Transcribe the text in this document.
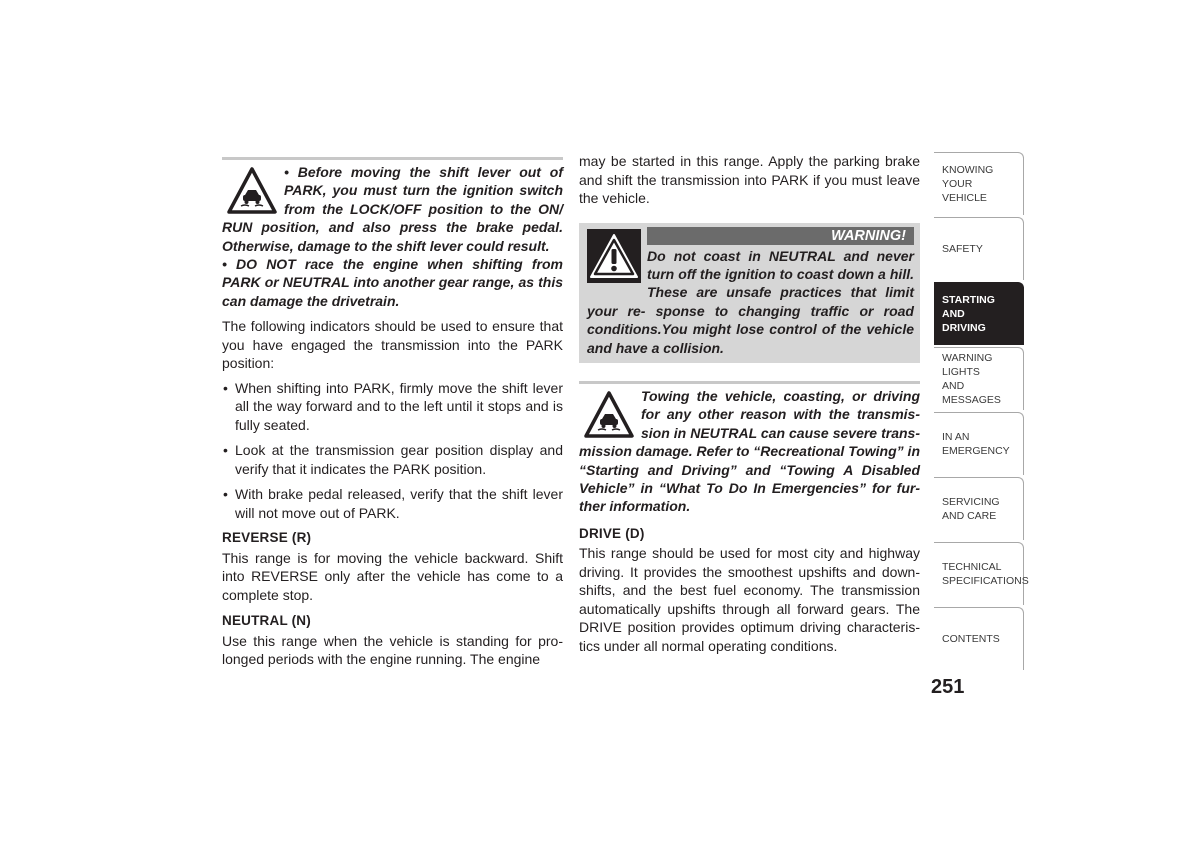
• Before moving the shift lever out of PARK, you must turn the ignition switch from the LOCK/OFF position to the ON/ RUN position, and also press the brake pedal. Otherwise, damage to the shift lever could result.

• DO NOT race the engine when shifting from PARK or NEUTRAL into another gear range, as this can damage the drivetrain.

The following indicators should be used to ensure that you have engaged the transmission into the PARK position:

• When shifting into PARK, firmly move the shift lever all the way forward and to the left until it stops and is fully seated.
• Look at the transmission gear position display and verify that it indicates the PARK position.
• With brake pedal released, verify that the shift lever will not move out of PARK.
REVERSE (R)

This range is for moving the vehicle backward. Shift into REVERSE only after the vehicle has come to a complete stop.

NEUTRAL (N)

Use this range when the vehicle is standing for pro- longed periods with the engine running. The engine

may be started in this range. Apply the parking brake and shift the transmission into PARK if you must leave the vehicle.

WARNING!

Do not coast in NEUTRAL and never turn off the ignition to coast down a hill. These are unsafe practices that limit your re- sponse to changing traffic or road conditions.You might lose control of the vehicle and have a collision.

Towing the vehicle, coasting, or driving for any other reason with the transmis- sion in NEUTRAL can cause severe trans- mission damage. Refer to “Recreational Towing” in “Starting and Driving” and “Towing A Disabled Vehicle” in “What To Do In Emergencies” for fur- ther information.

DRIVE (D)

This range should be used for most city and highway driving. It provides the smoothest upshifts and down- shifts, and the best fuel economy. The transmission automatically upshifts through all forward gears. The DRIVE position provides optimum driving characteris- tics under all normal operating conditions.

KNOWING
YOUR
VEHICLE
SAFETY
STARTING
AND
DRIVING
WARNING
LIGHTS
AND
MESSAGES
IN AN
EMERGENCY
SERVICING
AND CARE
TECHNICAL
SPECIFICATIONS
CONTENTS
251
